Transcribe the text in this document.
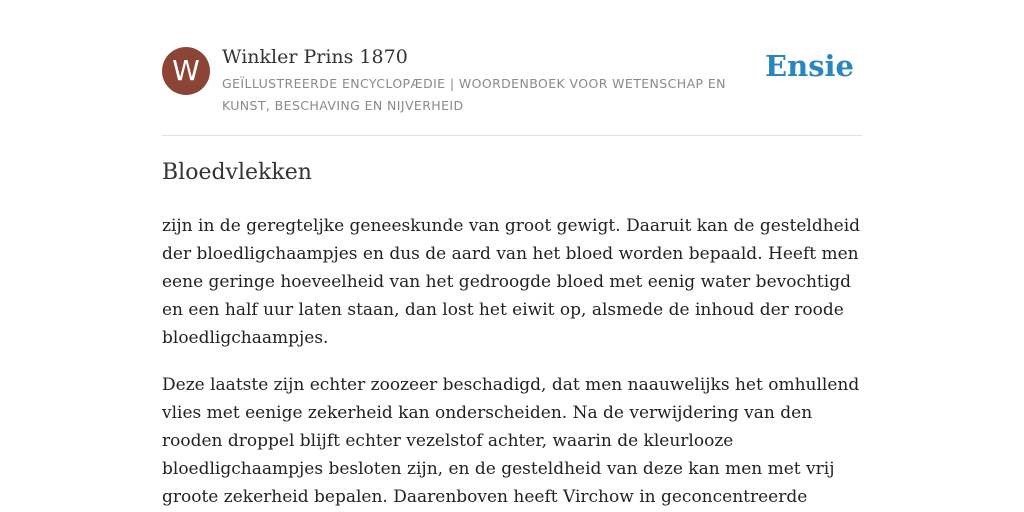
W	Winkler Prins 1870
GEÏLLUSTREERDE ENCYCLOPÆDIE | WOORDENBOEK VOOR WETENSCHAP EN KUNST, BESCHAVING EN NIJVERHEID
Ensie
Bloedvlekken

zijn in de geregteljke geneeskunde van groot gewigt. Daaruit kan de gesteldheid der bloedligchaampjes en dus de aard van het bloed worden bepaald. Heeft men eene geringe hoeveelheid van het gedroogde bloed met eenig water bevochtigd en een half uur laten staan, dan lost het eiwit op, alsmede de inhoud der roode bloedligchaampjes.

Deze laatste zijn echter zoozeer beschadigd, dat men naauwelijks het omhullend vlies met eenige zekerheid kan onderscheiden. Na de verwijdering van den rooden droppel blijft echter vezelstof achter, waarin de kleurlooze bloedligchaampjes besloten zijn, en de gesteldheid van deze kan men met vrij groote zekerheid bepalen. Daarenboven heeft Virchow in geconcentreerde
